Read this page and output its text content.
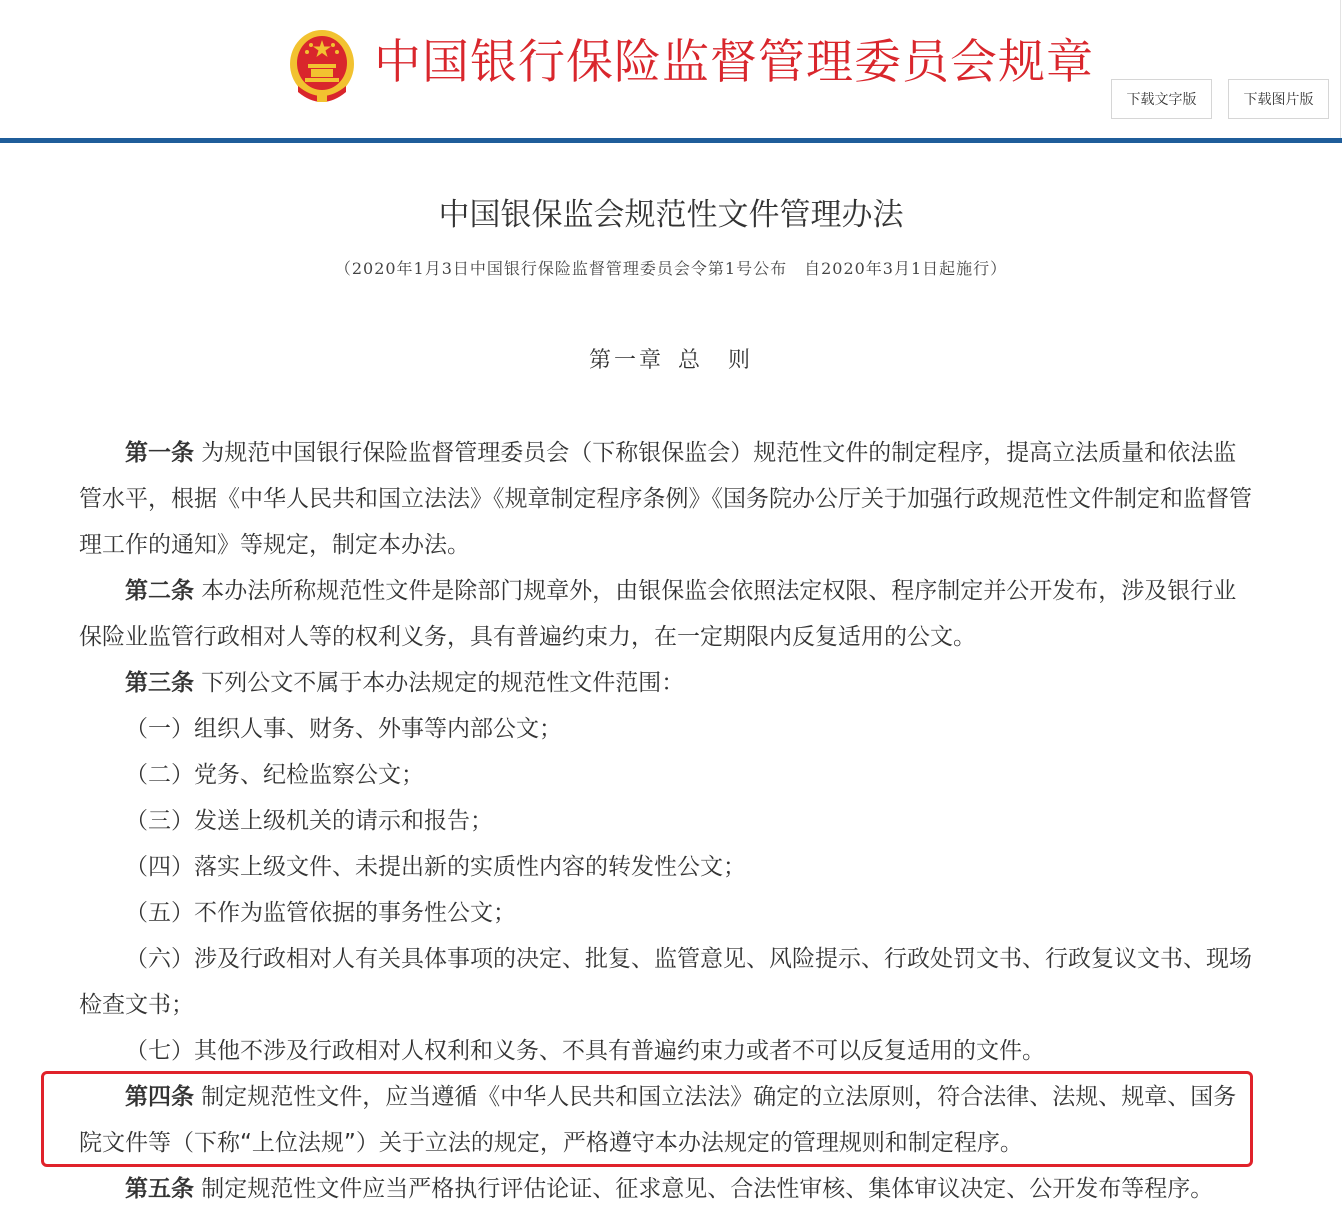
中国银行保险监督管理委员会规章
下载文字版	下载图片版
中国银保监会规范性文件管理办法
（2020年1月3日中国银行保险监督管理委员会令第1号公布　自2020年3月1日起施行）
第一章 总　则

第一条 为规范中国银行保险监督管理委员会（下称银保监会）规范性文件的制定程序，提高立法质量和依法监管水平，根据《中华人民共和国立法法》《规章制定程序条例》《国务院办公厅关于加强行政规范性文件制定和监督管理工作的通知》等规定，制定本办法。

第二条 本办法所称规范性文件是除部门规章外，由银保监会依照法定权限、程序制定并公开发布，涉及银行业保险业监管行政相对人等的权利义务，具有普遍约束力，在一定期限内反复适用的公文。

第三条 下列公文不属于本办法规定的规范性文件范围：

（一）组织人事、财务、外事等内部公文；

（二）党务、纪检监察公文；

（三）发送上级机关的请示和报告；

（四）落实上级文件、未提出新的实质性内容的转发性公文；

（五）不作为监管依据的事务性公文；

（六）涉及行政相对人有关具体事项的决定、批复、监管意见、风险提示、行政处罚文书、行政复议文书、现场检查文书；

（七）其他不涉及行政相对人权利和义务、不具有普遍约束力或者不可以反复适用的文件。

第四条 制定规范性文件，应当遵循《中华人民共和国立法法》确定的立法原则，符合法律、法规、规章、国务院文件等（下称“上位法规”）关于立法的规定，严格遵守本办法规定的管理规则和制定程序。

第五条 制定规范性文件应当严格执行评估论证、征求意见、合法性审核、集体审议决定、公开发布等程序。
